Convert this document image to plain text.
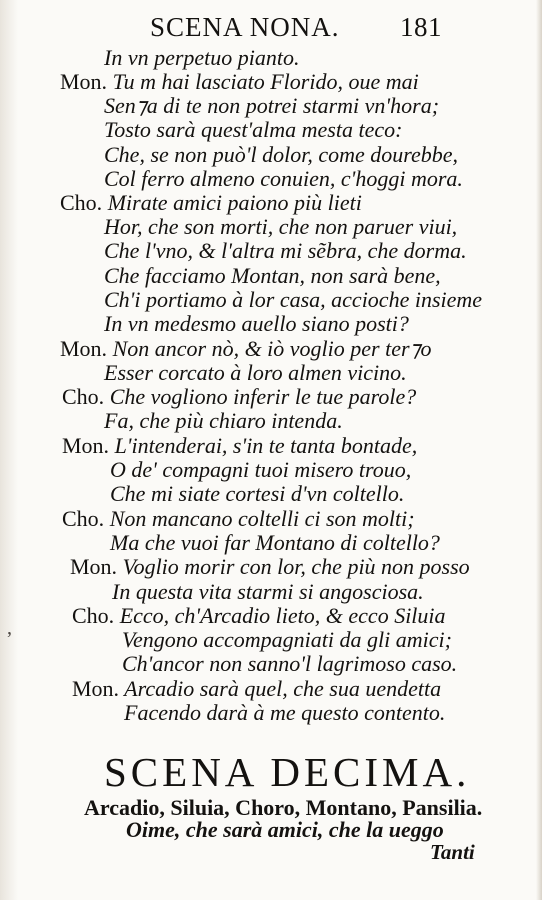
SCENA NONA. 181
In vn perpetuo pianto.
Mon. Tu m hai lasciato Florido, oue mai
Sen⁊a di te non potrei starmi vn'hora;
Tosto sarà quest'alma mesta teco:
Che, se non può'l dolor, come dourebbe,
Col ferro almeno conuien, c'hoggi mora.
Cho. Mirate amici paiono più lieti
Hor, che son morti, che non paruer viui,
Che l'vno, & l'altra mi sẽbra, che dorma.
Che facciamo Montan, non sarà bene,
Ch'i portiamo à lor casa, accioche insieme
In vn medesmo auello siano posti?
Mon. Non ancor nò, & iò voglio per ter⁊o
Esser corcato à loro almen vicino.
Cho. Che vogliono inferir le tue parole?
Fa, che più chiaro intenda.
Mon. L'intenderai, s'in te tanta bontade,
O de' compagni tuoi misero trouo,
Che mi siate cortesi d'vn coltello.
Cho. Non mancano coltelli ci son molti;
Ma che vuoi far Montano di coltello?
Mon. Voglio morir con lor, che più non posso
In questa vita starmi si angosciosa.
Cho. Ecco, ch'Arcadio lieto, & ecco Siluia
Vengono accompagniati da gli amici;
Ch'ancor non sanno'l lagrimoso caso.
Mon. Arcadio sarà quel, che sua uendetta
Facendo darà à me questo contento.
’
SCENA DECIMA.
Arcadio, Siluia, Choro, Montano, Pansilia.
Oime, che sarà amici, che la ueggo
Tanti
